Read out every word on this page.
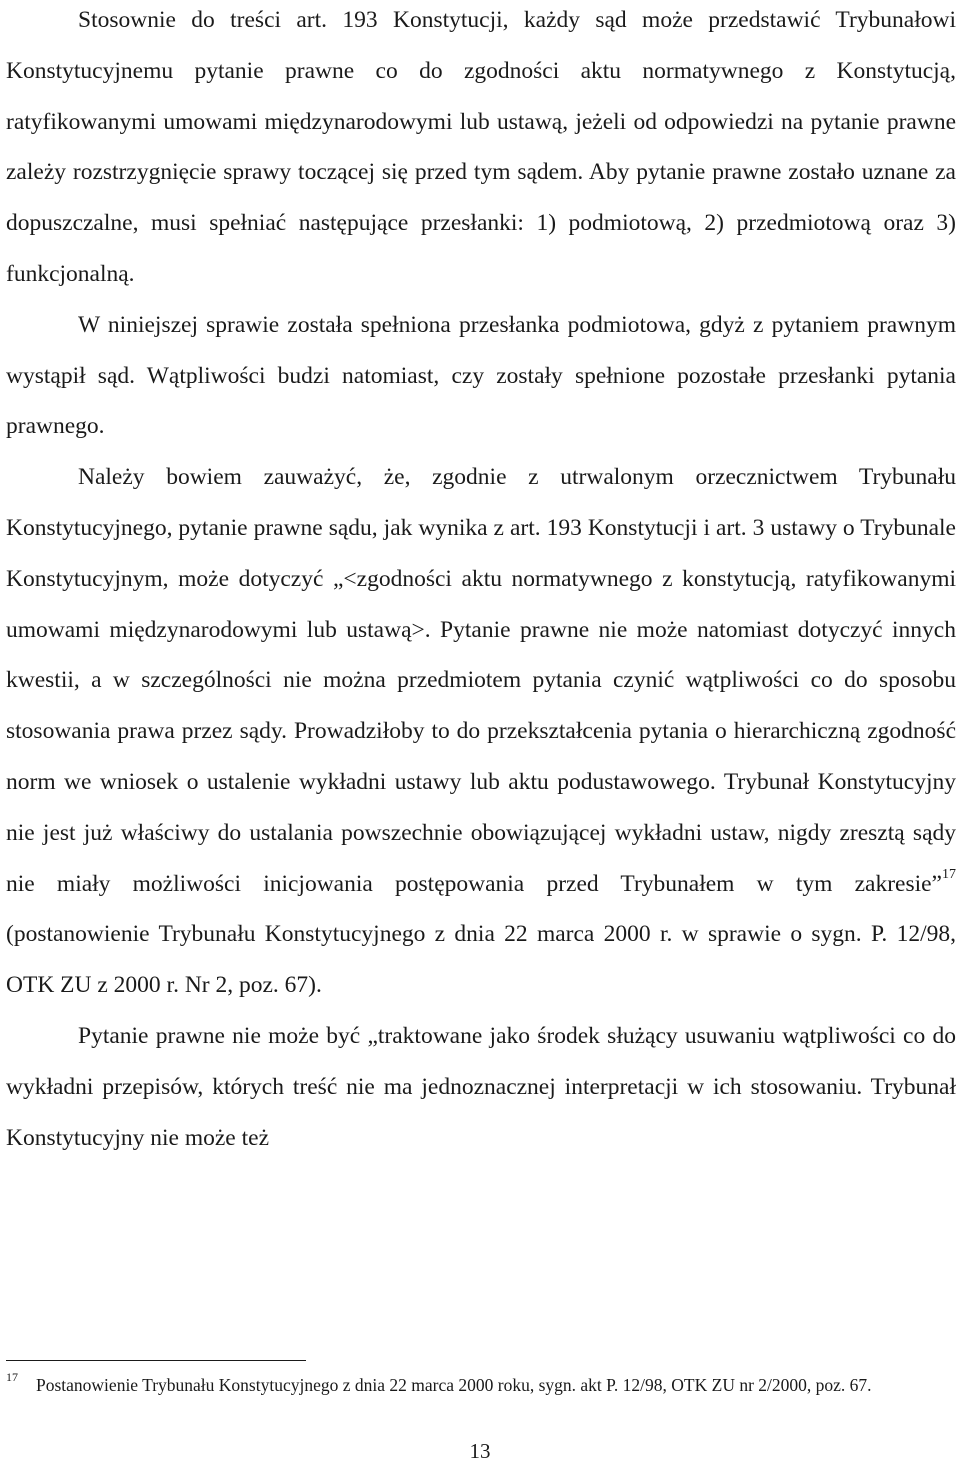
Stosownie do treści art. 193 Konstytucji, każdy sąd może przedstawić Trybunałowi Konstytucyjnemu pytanie prawne co do zgodności aktu normatywnego z Konstytucją, ratyfikowanymi umowami międzynarodowymi lub ustawą, jeżeli od odpowiedzi na pytanie prawne zależy rozstrzygnięcie sprawy toczącej się przed tym sądem. Aby pytanie prawne zostało uznane za dopuszczalne, musi spełniać następujące przesłanki: 1) podmiotową, 2) przedmiotową oraz 3) funkcjonalną.

W niniejszej sprawie została spełniona przesłanka podmiotowa, gdyż z pytaniem prawnym wystąpił sąd. Wątpliwości budzi natomiast, czy zostały spełnione pozostałe przesłanki pytania prawnego.

Należy bowiem zauważyć, że, zgodnie z utrwalonym orzecznictwem Trybunału Konstytucyjnego, pytanie prawne sądu, jak wynika z art. 193 Konstytucji i art. 3 ustawy o Trybunale Konstytucyjnym, może dotyczyć „<zgodności aktu normatywnego z konstytucją, ratyfikowanymi umowami międzynarodowymi lub ustawą>. Pytanie prawne nie może natomiast dotyczyć innych kwestii, a w szczególności nie można przedmiotem pytania czynić wątpliwości co do sposobu stosowania prawa przez sądy. Prowadziłoby to do przekształcenia pytania o hierarchiczną zgodność norm we wniosek o ustalenie wykładni ustawy lub aktu podustawowego. Trybunał Konstytucyjny nie jest już właściwy do ustalania powszechnie obowiązującej wykładni ustaw, nigdy zresztą sądy nie miały możliwości inicjowania postępowania przed Trybunałem w tym zakresie”$^{17}$ (postanowienie Trybunału Konstytucyjnego z dnia 22 marca 2000 r. w sprawie o sygn. P. 12/98, OTK ZU z 2000 r. Nr 2, poz. 67).

Pytanie prawne nie może być „traktowane jako środek służący usuwaniu wątpliwości co do wykładni przepisów, których treść nie ma jednoznacznej interpretacji w ich stosowaniu. Trybunał Konstytucyjny nie może też

17 Postanowienie Trybunału Konstytucyjnego z dnia 22 marca 2000 roku, sygn. akt P. 12/98, OTK ZU nr 2/2000, poz. 67.
13
